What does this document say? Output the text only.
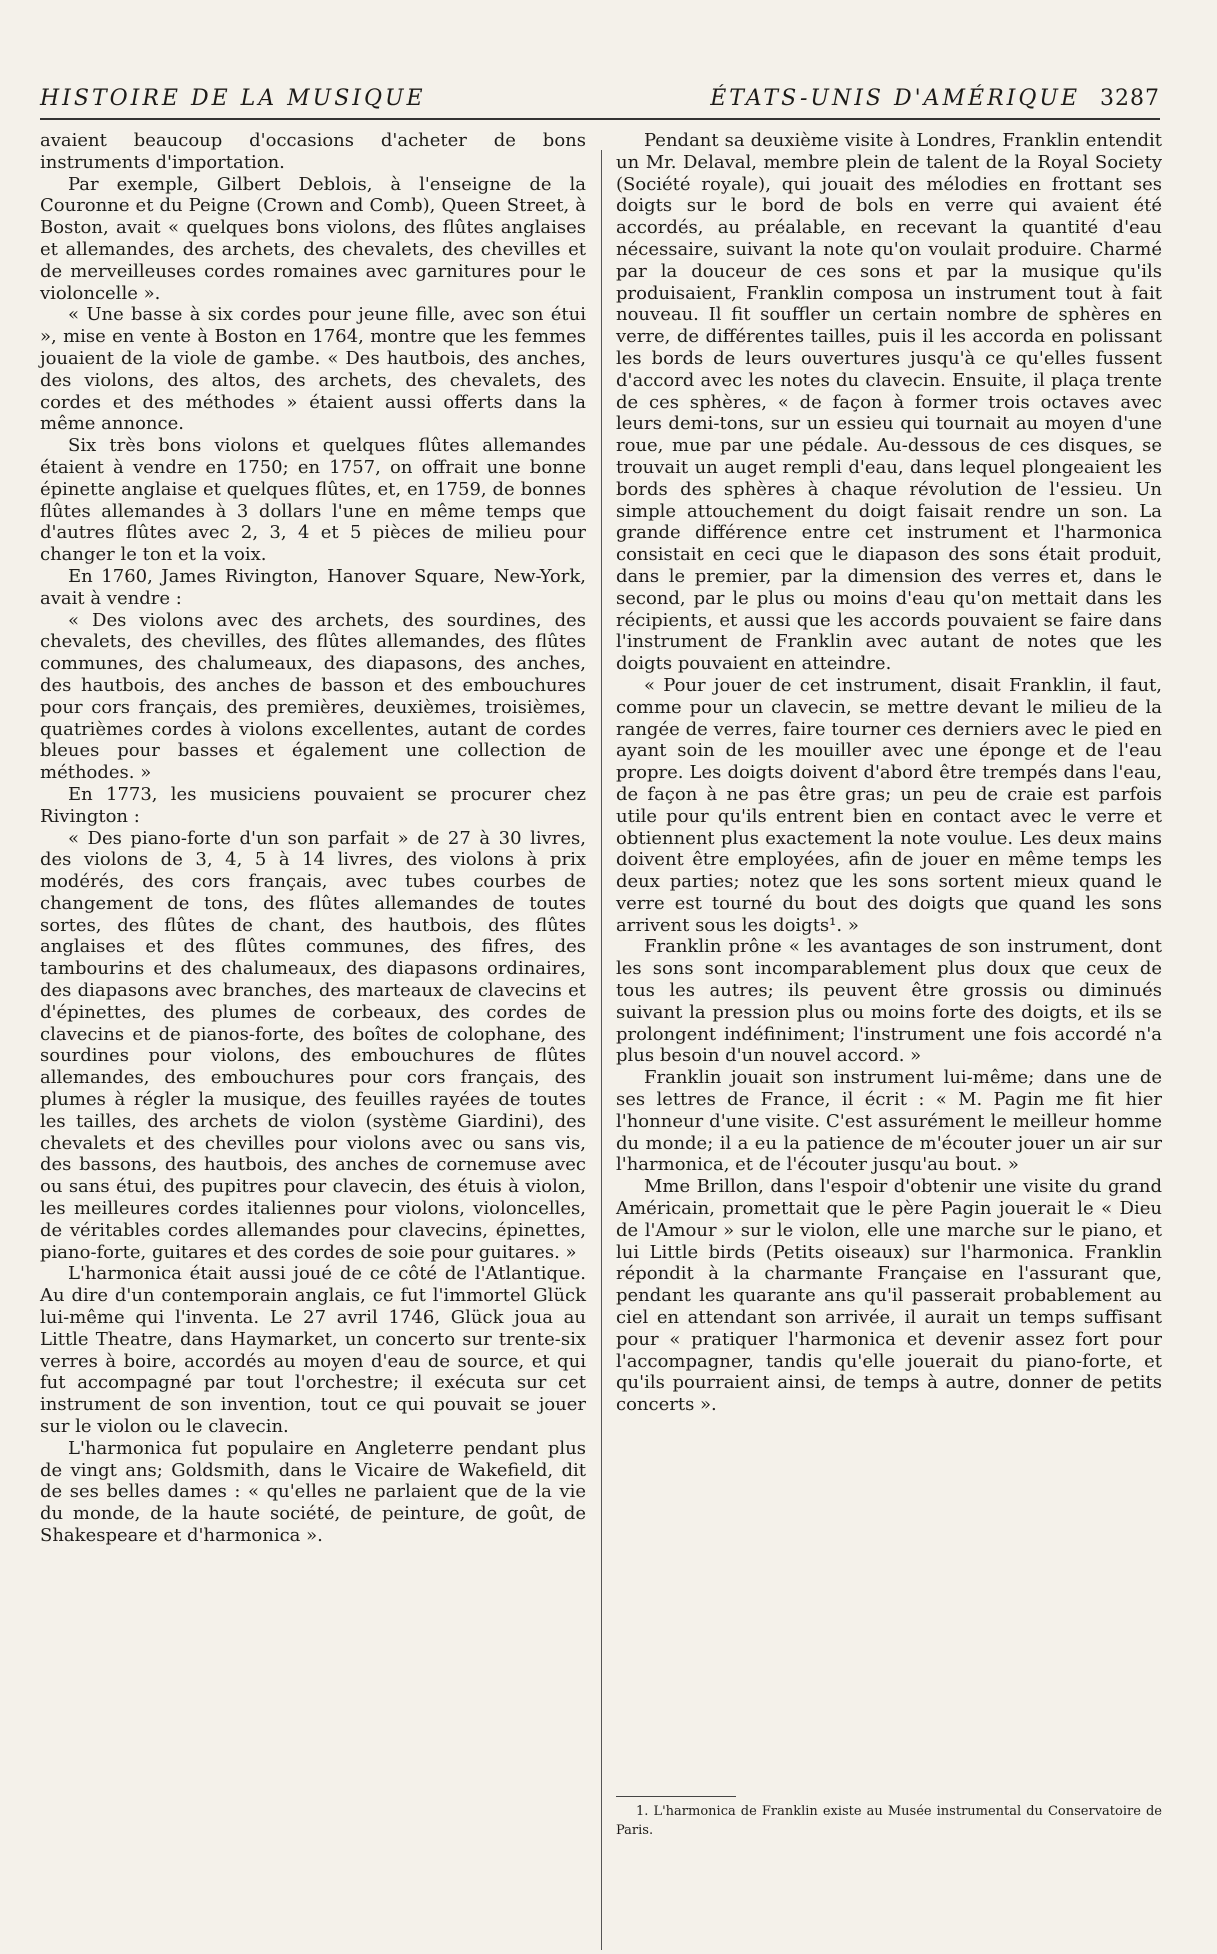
HISTOIRE DE LA MUSIQUE	ÉTATS-UNIS D'AMÉRIQUE 3287

avaient beaucoup d'occasions d'acheter de bons instruments d'importation.

Par exemple, Gilbert Deblois, à l'enseigne de la Couronne et du Peigne (Crown and Comb), Queen Street, à Boston, avait « quelques bons violons, des flûtes anglaises et allemandes, des archets, des chevalets, des chevilles et de merveilleuses cordes romaines avec garnitures pour le violoncelle ».

« Une basse à six cordes pour jeune fille, avec son étui », mise en vente à Boston en 1764, montre que les femmes jouaient de la viole de gambe. « Des hautbois, des anches, des violons, des altos, des archets, des chevalets, des cordes et des méthodes » étaient aussi offerts dans la même annonce.

Six très bons violons et quelques flûtes allemandes étaient à vendre en 1750; en 1757, on offrait une bonne épinette anglaise et quelques flûtes, et, en 1759, de bonnes flûtes allemandes à 3 dollars l'une en même temps que d'autres flûtes avec 2, 3, 4 et 5 pièces de milieu pour changer le ton et la voix.

En 1760, James Rivington, Hanover Square, New-York, avait à vendre :

« Des violons avec des archets, des sourdines, des chevalets, des chevilles, des flûtes allemandes, des flûtes communes, des chalumeaux, des diapasons, des anches, des hautbois, des anches de basson et des embouchures pour cors français, des premières, deuxièmes, troisièmes, quatrièmes cordes à violons excellentes, autant de cordes bleues pour basses et également une collection de méthodes. »

En 1773, les musiciens pouvaient se procurer chez Rivington :

« Des piano-forte d'un son parfait » de 27 à 30 livres, des violons de 3, 4, 5 à 14 livres, des violons à prix modérés, des cors français, avec tubes courbes de changement de tons, des flûtes allemandes de toutes sortes, des flûtes de chant, des hautbois, des flûtes anglaises et des flûtes communes, des fifres, des tambourins et des chalumeaux, des diapasons ordinaires, des diapasons avec branches, des marteaux de clavecins et d'épinettes, des plumes de corbeaux, des cordes de clavecins et de pianos-forte, des boîtes de colophane, des sourdines pour violons, des embouchures de flûtes allemandes, des embouchures pour cors français, des plumes à régler la musique, des feuilles rayées de toutes les tailles, des archets de violon (système Giardini), des chevalets et des chevilles pour violons avec ou sans vis, des bassons, des hautbois, des anches de cornemuse avec ou sans étui, des pupitres pour clavecin, des étuis à violon, les meilleures cordes italiennes pour violons, violoncelles, de véritables cordes allemandes pour clavecins, épinettes, piano-forte, guitares et des cordes de soie pour guitares. »

L'harmonica était aussi joué de ce côté de l'Atlantique. Au dire d'un contemporain anglais, ce fut l'immortel Glück lui-même qui l'inventa. Le 27 avril 1746, Glück joua au Little Theatre, dans Haymarket, un concerto sur trente-six verres à boire, accordés au moyen d'eau de source, et qui fut accompagné par tout l'orchestre; il exécuta sur cet instrument de son invention, tout ce qui pouvait se jouer sur le violon ou le clavecin.

L'harmonica fut populaire en Angleterre pendant plus de vingt ans; Goldsmith, dans le Vicaire de Wakefield, dit de ses belles dames : « qu'elles ne parlaient que de la vie du monde, de la haute société, de peinture, de goût, de Shakespeare et d'harmonica ».

Pendant sa deuxième visite à Londres, Franklin entendit un Mr. Delaval, membre plein de talent de la Royal Society (Société royale), qui jouait des mélodies en frottant ses doigts sur le bord de bols en verre qui avaient été accordés, au préalable, en recevant la quantité d'eau nécessaire, suivant la note qu'on voulait produire. Charmé par la douceur de ces sons et par la musique qu'ils produisaient, Franklin composa un instrument tout à fait nouveau. Il fit souffler un certain nombre de sphères en verre, de différentes tailles, puis il les accorda en polissant les bords de leurs ouvertures jusqu'à ce qu'elles fussent d'accord avec les notes du clavecin. Ensuite, il plaça trente de ces sphères, « de façon à former trois octaves avec leurs demi-tons, sur un essieu qui tournait au moyen d'une roue, mue par une pédale. Au-dessous de ces disques, se trouvait un auget rempli d'eau, dans lequel plongeaient les bords des sphères à chaque révolution de l'essieu. Un simple attouchement du doigt faisait rendre un son. La grande différence entre cet instrument et l'harmonica consistait en ceci que le diapason des sons était produit, dans le premier, par la dimension des verres et, dans le second, par le plus ou moins d'eau qu'on mettait dans les récipients, et aussi que les accords pouvaient se faire dans l'instrument de Franklin avec autant de notes que les doigts pouvaient en atteindre.

« Pour jouer de cet instrument, disait Franklin, il faut, comme pour un clavecin, se mettre devant le milieu de la rangée de verres, faire tourner ces derniers avec le pied en ayant soin de les mouiller avec une éponge et de l'eau propre. Les doigts doivent d'abord être trempés dans l'eau, de façon à ne pas être gras; un peu de craie est parfois utile pour qu'ils entrent bien en contact avec le verre et obtiennent plus exactement la note voulue. Les deux mains doivent être employées, afin de jouer en même temps les deux parties; notez que les sons sortent mieux quand le verre est tourné du bout des doigts que quand les sons arrivent sous les doigts¹. »

Franklin prône « les avantages de son instrument, dont les sons sont incomparablement plus doux que ceux de tous les autres; ils peuvent être grossis ou diminués suivant la pression plus ou moins forte des doigts, et ils se prolongent indéfiniment; l'instrument une fois accordé n'a plus besoin d'un nouvel accord. »

Franklin jouait son instrument lui-même; dans une de ses lettres de France, il écrit : « M. Pagin me fit hier l'honneur d'une visite. C'est assurément le meilleur homme du monde; il a eu la patience de m'écouter jouer un air sur l'harmonica, et de l'écouter jusqu'au bout. »

Mme Brillon, dans l'espoir d'obtenir une visite du grand Américain, promettait que le père Pagin jouerait le « Dieu de l'Amour » sur le violon, elle une marche sur le piano, et lui Little birds (Petits oiseaux) sur l'harmonica. Franklin répondit à la charmante Française en l'assurant que, pendant les quarante ans qu'il passerait probablement au ciel en attendant son arrivée, il aurait un temps suffisant pour « pratiquer l'harmonica et devenir assez fort pour l'accompagner, tandis qu'elle jouerait du piano-forte, et qu'ils pourraient ainsi, de temps à autre, donner de petits concerts ».

1. L'harmonica de Franklin existe au Musée instrumental du Conservatoire de Paris.
